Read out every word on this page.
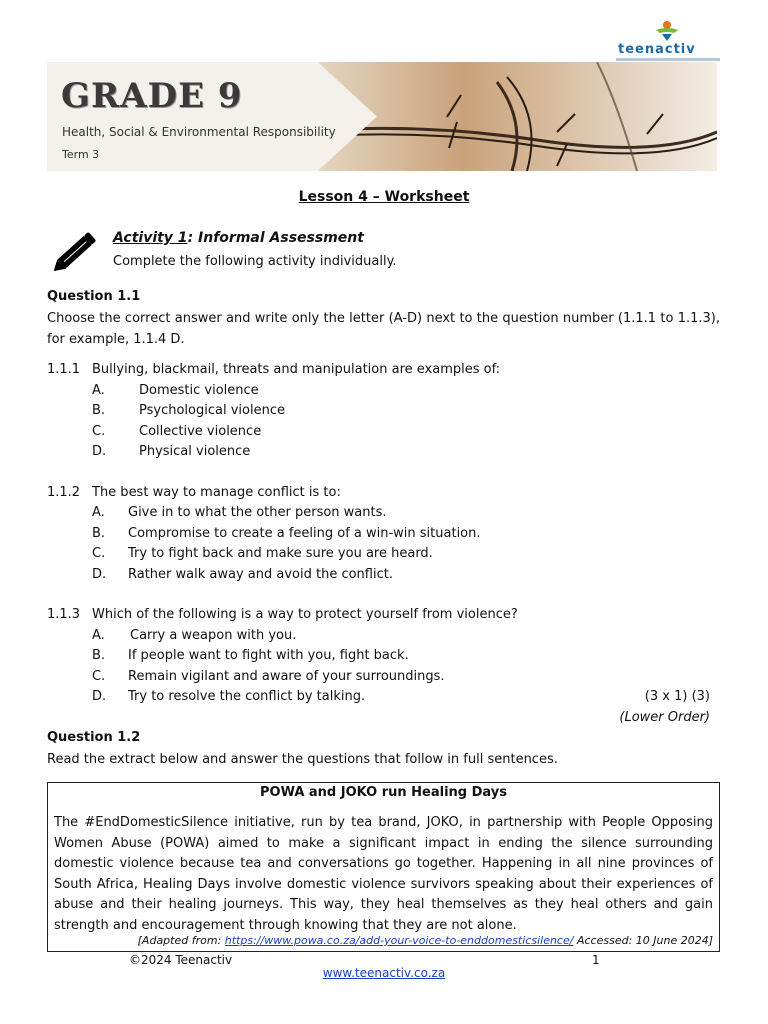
teenactiv
GRADE 9
Health, Social & Environmental Responsibility
Term 3
Lesson 4 – Worksheet
Activity 1: Informal Assessment
Complete the following activity individually.
Question 1.1
Choose the correct answer and write only the letter (A-D) next to the question number (1.1.1 to 1.1.3), for example, 1.1.4 D.
1.1.1 Bullying, blackmail, threats and manipulation are examples of:
A.	Domestic violence
B.	Psychological violence
C.	Collective violence
D.	Physical violence
1.1.2 The best way to manage conflict is to:
A. Give in to what the other person wants.
B. Compromise to create a feeling of a win-win situation.
C. Try to fight back and make sure you are heard.
D. Rather walk away and avoid the conflict.
1.1.3 Which of the following is a way to protect yourself from violence?
A. Carry a weapon with you.
B. If people want to fight with you, fight back.
C. Remain vigilant and aware of your surroundings.
D. Try to resolve the conflict by talking.	(3 x 1) (3)
(Lower Order)
Question 1.2
Read the extract below and answer the questions that follow in full sentences.
POWA and JOKO run Healing Days
The #EndDomesticSilence initiative, run by tea brand, JOKO, in partnership with People Opposing Women Abuse (POWA) aimed to make a significant impact in ending the silence surrounding domestic violence because tea and conversations go together. Happening in all nine provinces of South Africa, Healing Days involve domestic violence survivors speaking about their experiences of abuse and their healing journeys. This way, they heal themselves as they heal others and gain strength and encouragement through knowing that they are not alone.
[Adapted from: https://www.powa.co.za/add-your-voice-to-enddomesticsilence/ Accessed: 10 June 2024]
©2024 Teenactiv	1
www.teenactiv.co.za
